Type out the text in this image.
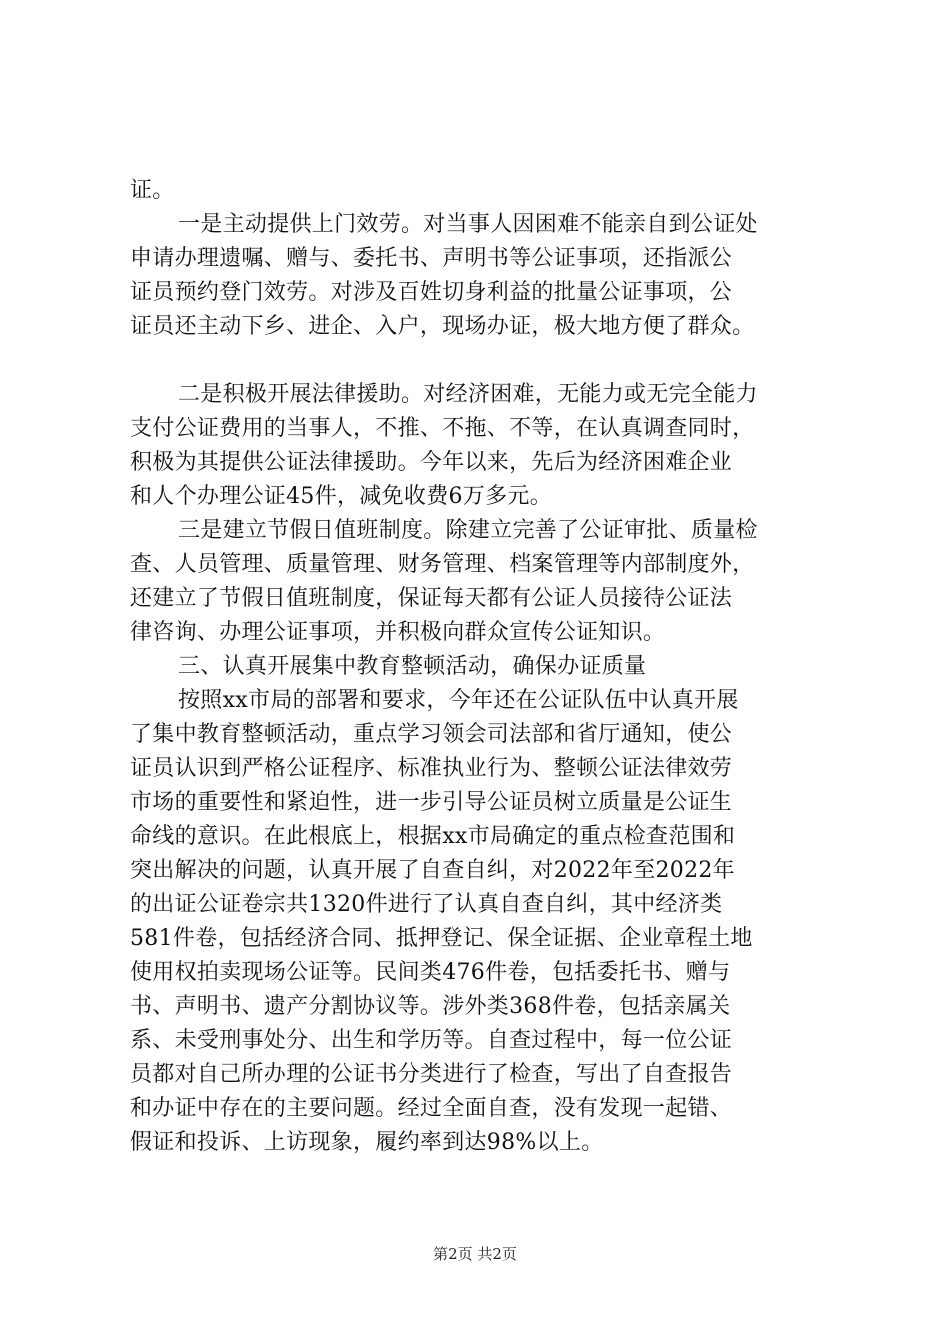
证。
一是主动提供上门效劳。对当事人因困难不能亲自到公证处
申请办理遗嘱、赠与、委托书、声明书等公证事项，还指派公
证员预约登门效劳。对涉及百姓切身利益的批量公证事项，公
证员还主动下乡、进企、入户，现场办证，极大地方便了群众。
二是积极开展法律援助。对经济困难，无能力或无完全能力
支付公证费用的当事人，不推、不拖、不等，在认真调查同时，
积极为其提供公证法律援助。今年以来，先后为经济困难企业
和人个办理公证45件，减免收费6万多元。
三是建立节假日值班制度。除建立完善了公证审批、质量检
查、人员管理、质量管理、财务管理、档案管理等内部制度外，
还建立了节假日值班制度，保证每天都有公证人员接待公证法
律咨询、办理公证事项，并积极向群众宣传公证知识。
三、认真开展集中教育整顿活动，确保办证质量
按照xx市局的部署和要求，今年还在公证队伍中认真开展
了集中教育整顿活动，重点学习领会司法部和省厅通知，使公
证员认识到严格公证程序、标准执业行为、整顿公证法律效劳
市场的重要性和紧迫性，进一步引导公证员树立质量是公证生
命线的意识。在此根底上，根据xx市局确定的重点检查范围和
突出解决的问题，认真开展了自查自纠，对2022年至2022年
的出证公证卷宗共1320件进行了认真自查自纠，其中经济类
581件卷，包括经济合同、抵押登记、保全证据、企业章程土地
使用权拍卖现场公证等。民间类476件卷，包括委托书、赠与
书、声明书、遗产分割协议等。涉外类368件卷，包括亲属关
系、未受刑事处分、出生和学历等。自查过程中，每一位公证
员都对自己所办理的公证书分类进行了检查，写出了自查报告
和办证中存在的主要问题。经过全面自查，没有发现一起错、
假证和投诉、上访现象，履约率到达98%以上。
第2页 共2页
